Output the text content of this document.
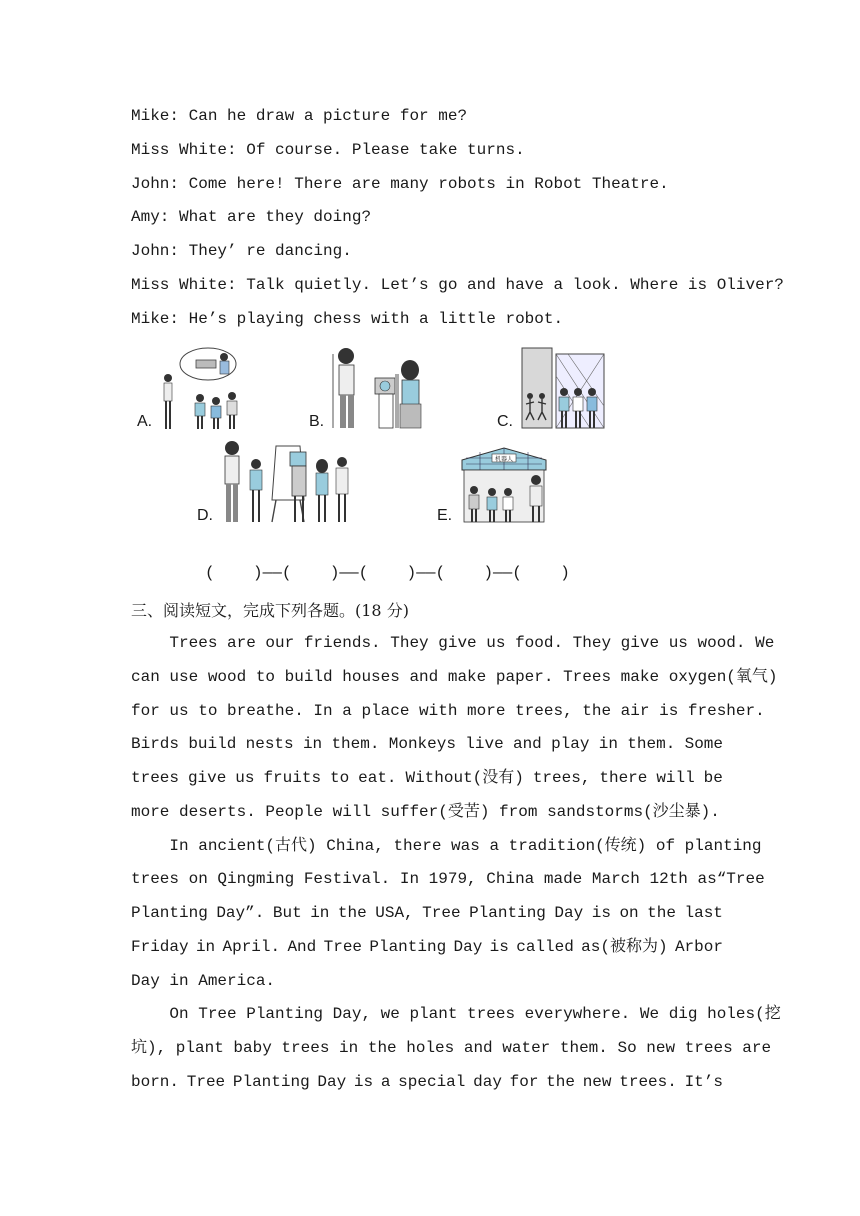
Mike: Can he draw a picture for me?
Miss White: Of course. Please take turns.
John: Come here! There are many robots in Robot Theatre.
Amy: What are they doing?
John: They’ re dancing.
Miss White: Talk quietly. Let’s go and have a look. Where is Oliver?
Mike: He’s playing chess with a little robot.
A.	B.	C.
D.	E.
机器人
(    )——(    )——(    )——(    )——(    )
三、阅读短文，完成下列各题。(18 分)
Trees are our friends. They give us food. They give us wood. We
can use wood to build houses and make paper. Trees make oxygen(氧气)
for us to breathe. In a place with more trees, the air is fresher.
Birds build nests in them. Monkeys live and play in them. Some
trees give us fruits to eat. Without(没有) trees, there will be
more deserts. People will suffer(受苦) from sandstorms(沙尘暴).
In ancient(古代) China, there was a tradition(传统) of planting
trees on Qingming Festival. In 1979, China made March 12th as“Tree
Planting Day”. But in the USA, Tree Planting Day is on the last
Friday in April. And Tree Planting Day is called as(被称为) Arbor
Day in America.
On Tree Planting Day, we plant trees everywhere. We dig holes(挖
坑), plant baby trees in the holes and water them. So new trees are
born. Tree Planting Day is a special day for the new trees. It’s
